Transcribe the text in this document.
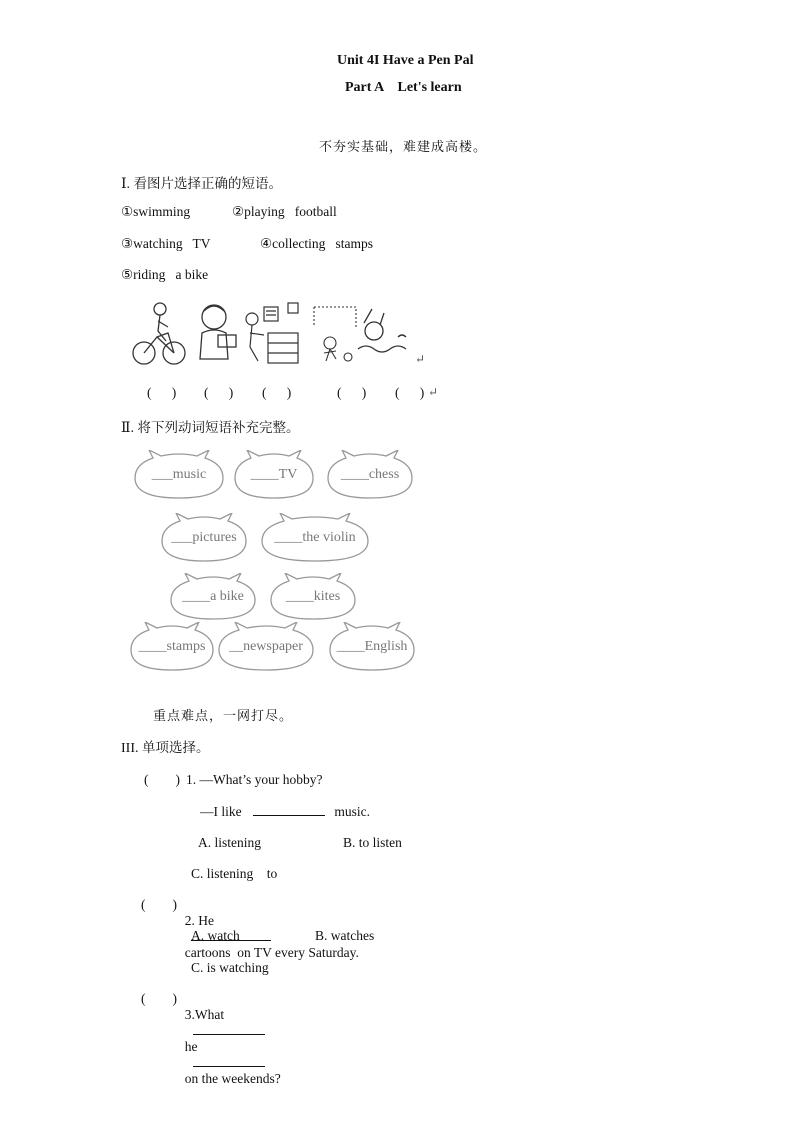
Unit 4I Have a Pen Pal
Part A    Let's learn
不夯实基础，难建成高楼。
Ⅰ. 看图片选择正确的短语。
①swimming	②playing   football
③watching   TV	④collecting   stamps
⑤riding   a bike
↵
(      ) (      ) (      )	(      ) (      ) ↵
Ⅱ. 将下列动词短语补充完整。
___music	____TV	____chess
___pictures	____the violin
____a bike	____kites
____stamps	__newspaper	____English
重点难点，一网打尽。
III. 单项选择。
(        ) 1. —What’s your hobby?
—I like	music.
A. listening	B. to listen
C. listening    to
(        )

2. He

cartoons  on TV every Saturday.

A. watch	B. watches
C. is watching
(        )

3.What

he

on the weekends?
